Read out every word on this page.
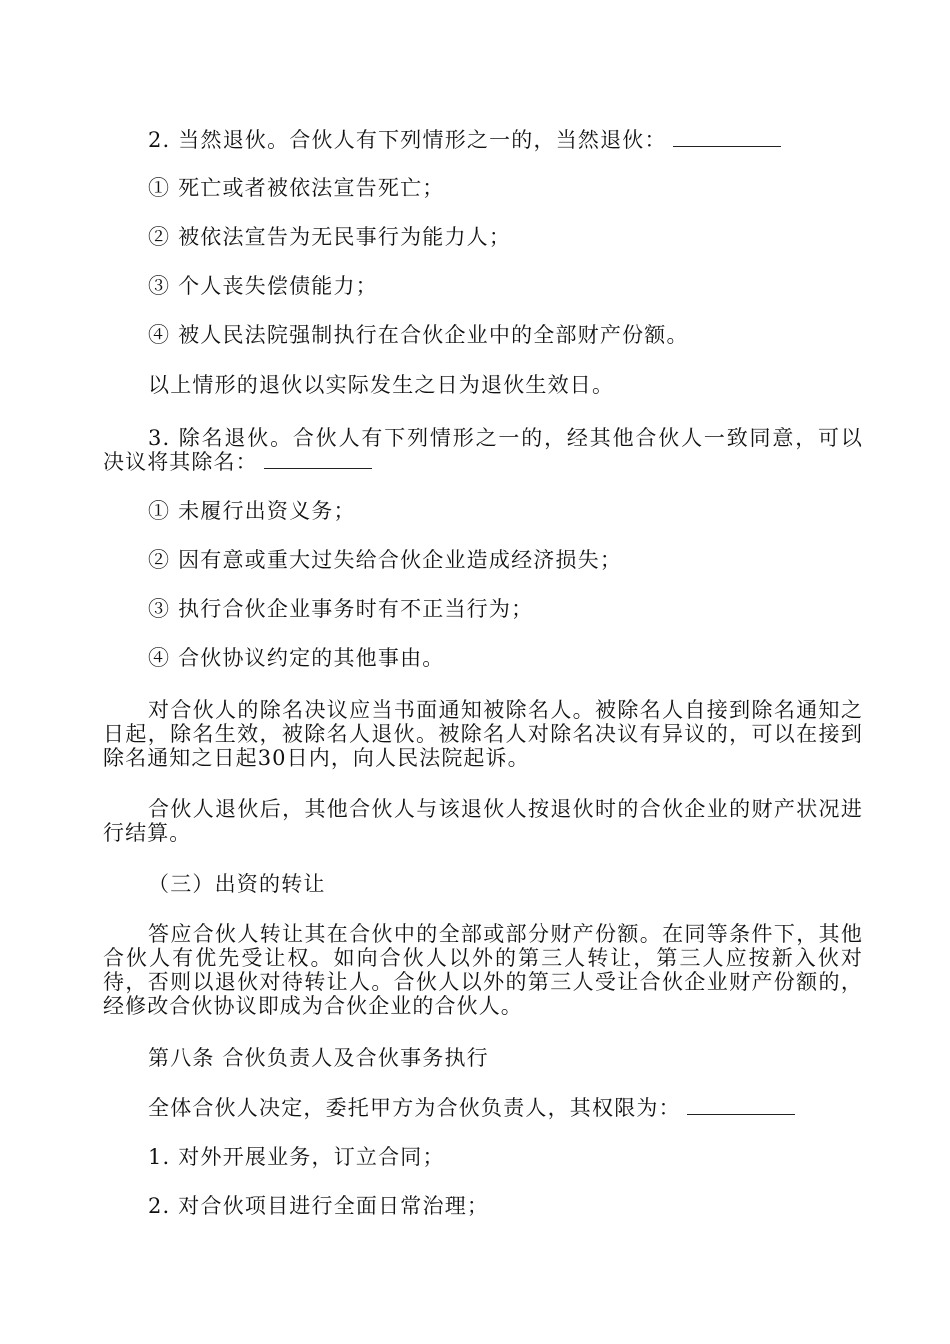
2. 当然退伙。合伙人有下列情形之一的，当然退伙：
① 死亡或者被依法宣告死亡；
② 被依法宣告为无民事行为能力人；
③ 个人丧失偿债能力；
④ 被人民法院强制执行在合伙企业中的全部财产份额。
以上情形的退伙以实际发生之日为退伙生效日。
3. 除名退伙。合伙人有下列情形之一的，经其他合伙人一致同意，可以决议将其除名：
① 未履行出资义务；
② 因有意或重大过失给合伙企业造成经济损失；
③ 执行合伙企业事务时有不正当行为；
④ 合伙协议约定的其他事由。
对合伙人的除名决议应当书面通知被除名人。被除名人自接到除名通知之日起，除名生效，被除名人退伙。被除名人对除名决议有异议的，可以在接到除名通知之日起30日内，向人民法院起诉。
合伙人退伙后，其他合伙人与该退伙人按退伙时的合伙企业的财产状况进行结算。
（三）出资的转让
答应合伙人转让其在合伙中的全部或部分财产份额。在同等条件下，其他合伙人有优先受让权。如向合伙人以外的第三人转让，第三人应按新入伙对待，否则以退伙对待转让人。合伙人以外的第三人受让合伙企业财产份额的，经修改合伙协议即成为合伙企业的合伙人。
第八条 合伙负责人及合伙事务执行
全体合伙人决定，委托甲方为合伙负责人，其权限为：
1. 对外开展业务，订立合同；
2. 对合伙项目进行全面日常治理；
